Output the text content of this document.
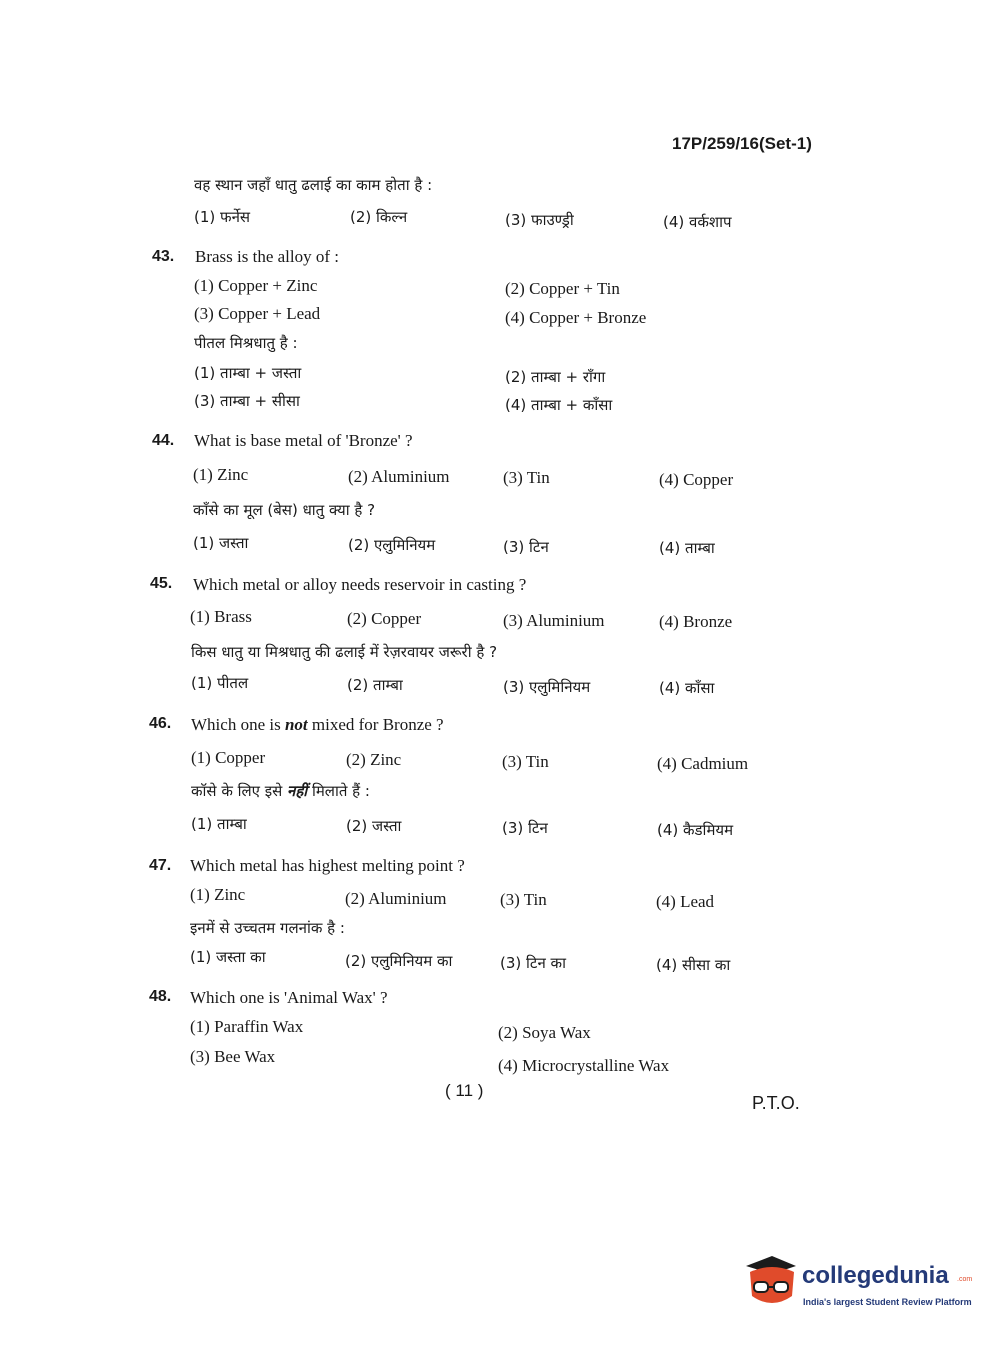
17P/259/16(Set-1)
वह स्थान जहाँ धातु ढलाई का काम होता है :
(1) फर्नेस	(2) किल्न	(3) फाउण्ड्री	(4) वर्कशाप
43. Brass is the alloy of :
(1) Copper + Zinc	(2) Copper + Tin
(3) Copper + Lead	(4) Copper + Bronze
पीतल मिश्रधातु है :
(1) ताम्बा + जस्ता	(2) ताम्बा + राँगा
(3) ताम्बा + सीसा	(4) ताम्बा + काँसा
44. What is base metal of 'Bronze' ?
(1) Zinc	(2) Aluminium	(3) Tin	(4) Copper
काँसे का मूल (बेस) धातु क्या है ?
(1) जस्ता	(2) एलुमिनियम	(3) टिन	(4) ताम्बा
45. Which metal or alloy needs reservoir in casting ?
(1) Brass	(2) Copper	(3) Aluminium	(4) Bronze
किस धातु या मिश्रधातु की ढलाई में रेज़रवायर जरूरी है ?
(1) पीतल	(2) ताम्बा	(3) एलुमिनियम	(4) काँसा
46. Which one is not mixed for Bronze ?
(1) Copper	(2) Zinc	(3) Tin	(4) Cadmium
कॉसे के लिए इसे नहीं मिलाते हैं :
(1) ताम्बा	(2) जस्ता	(3) टिन	(4) कैडमियम
47. Which metal has highest melting point ?
(1) Zinc	(2) Aluminium	(3) Tin	(4) Lead
इनमें से उच्चतम गलनांक है :
(1) जस्ता का	(2) एलुमिनियम का	(3) टिन का	(4) सीसा का
48. Which one is 'Animal Wax' ?
(1) Paraffin Wax	(2) Soya Wax
(3) Bee Wax	(4) Microcrystalline Wax
( 11 )
P.T.O.
collegedunia .com
India's largest Student Review Platform
